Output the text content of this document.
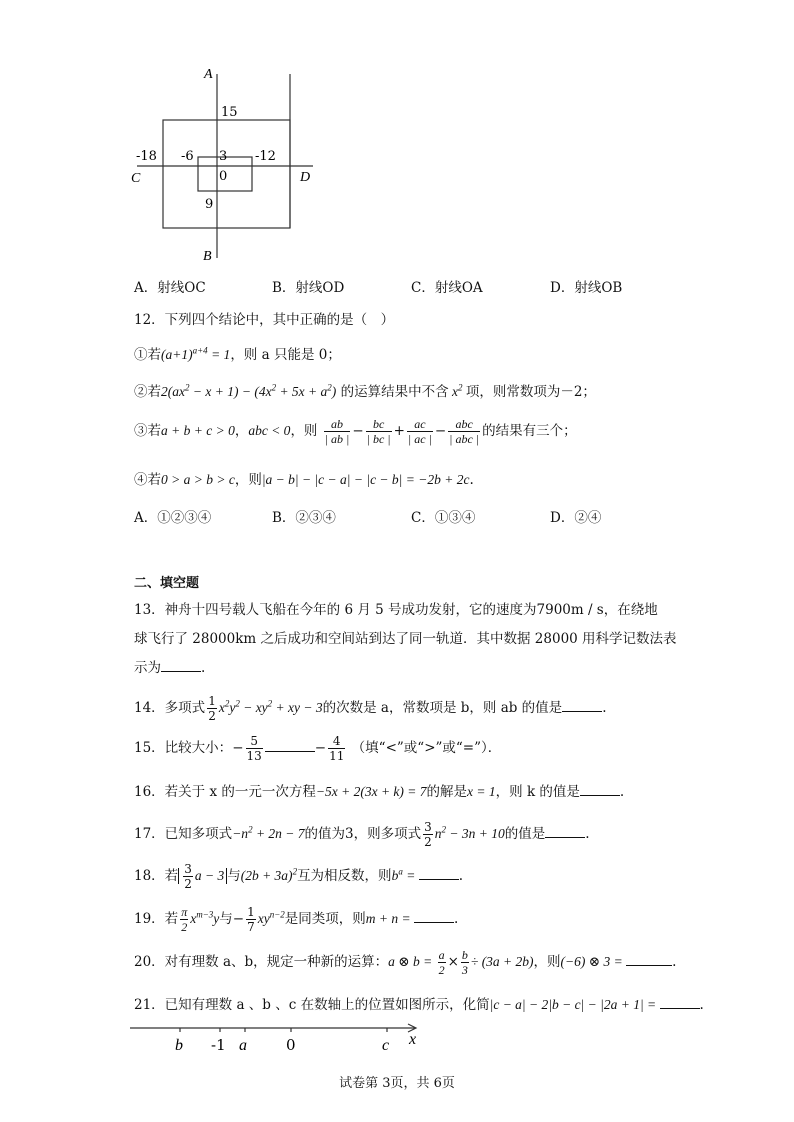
A
B
C	D
15
-18 -6 3 -12
0
9
A．射线OC	B．射线OD	C．射线OA	D．射线OB
12．下列四个结论中，其中正确的是（　）
①若$(a+1)^{a+4} = 1$，则 a 只能是 0；
②若$2(ax^2 - x + 1) - (4x^2 + 5x + a^2)$ 的运算结果中不含 $x^2$ 项，则常数项为－2；
③若a + b + c > 0，abc < 0，则 $\frac{ab}{| ab |} - \frac{bc}{| bc |} + \frac{ac}{| ac |} - \frac{\text{abc}}{\text{| abc |}}$ 的结果有三个；
④若0 > a > b > c，则|a − b| − |c − a| − |c − b| = −2b + 2c.
A．①②③④	B．②③④	C．①③④	D．②④
二、填空题
13．神舟十四号载人飞船在今年的 6 月 5 号成功发射，它的速度为7900m / s，在绕地
球飞行了 28000km 之后成功和空间站到达了同一轨道．其中数据 28000 用科学记数法表
示为	.
14．多项式 $\frac{1}{2} x^2y^2 - xy^2$ + xy − 3的次数是 a，常数项是 b，则 ab 的值是	.
15．比较大小：− $\frac{5}{13}$	− $\frac{4}{11}$ （填“<”或“>”或“=”）．
16．若关于 x 的一元一次方程−5x + 2(3x + k) = 7的解是x = 1，则 k 的值是	.
17．已知多项式$-n^2 + 2n - 7$的值为3，则多项式 $\frac{3}{2} n^2 - 3n + 10$的值是	.
18．若 $\frac{3}{2}$ a − 3 与$(2b + 3a)^2$互为相反数，则$b^a$ =	.
19．若 $\frac{\pi}{2} x^{m-3}y$与− $\frac{1}{7} xy^{n-2}$是同类项，则m + n =	.
20．对有理数 a、b，规定一种新的运算：a ⊗ $b = \frac{a}{2} \times \frac{b}{3} \div (3a + 2b)$，则(−6) ⊗ 3 =	.
21．已知有理数 a 、b 、c 在数轴上的位置如图所示，化简|c − a| − 2|b − c| − |2a + 1| =	.
b -1 a	0	c x
试卷第 3页，共 6页
